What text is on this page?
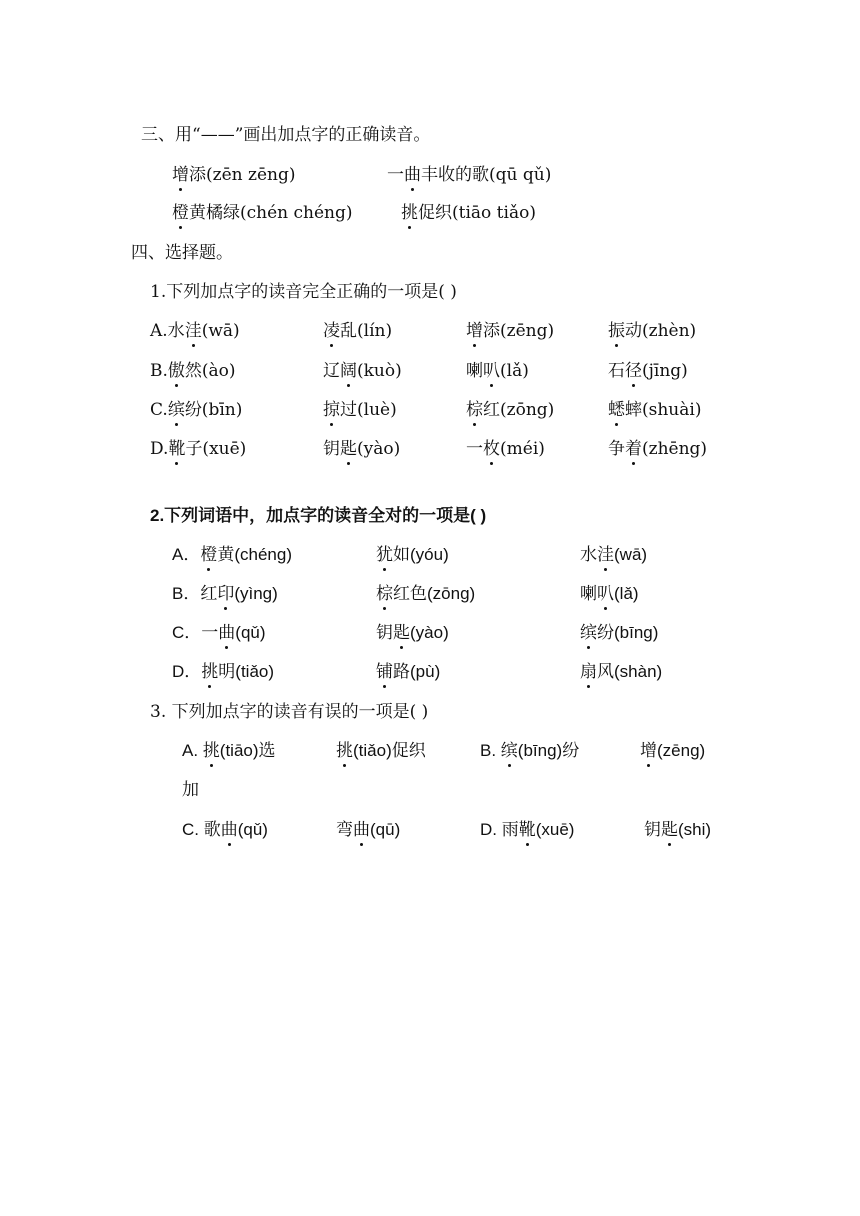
三、用“——”画出加点字的正确读音。
增添(zēn zēng)	一曲丰收的歌(qū qǔ)
橙黄橘绿(chén chéng)	挑促织(tiāo tiǎo)
四、选择题。
1.下列加点字的读音完全正确的一项是( )
A.水洼(wā)	凌乱(lín)	增添(zēng)	振动(zhèn)
B.傲然(ào)	辽阔(kuò)	喇叭(lǎ)	石径(jīng)
C.缤纷(bīn)	掠过(luè)	棕红(zōng)	蟋蟀(shuài)
D.靴子(xuē)	钥匙(yào)	一枚(méi)	争着(zhēng)
2.下列词语中，加点字的读音全对的一项是( )
A．橙黄(chéng)	犹如(yóu)	水洼(wā)
B．红印(yìng)	棕红色(zōng)	喇叭(lǎ)
C．一曲(qǔ)	钥匙(yào)	缤纷(bīng)
D．挑明(tiǎo)	铺路(pù)	扇风(shàn)
3. 下列加点字的读音有误的一项是( )
A. 挑(tiāo)选	挑(tiǎo)促织	B. 缤(bīng)纷	增(zēng)
加
C. 歌曲(qǔ)	弯曲(qū)	D. 雨靴(xuē)	钥匙(shi)
